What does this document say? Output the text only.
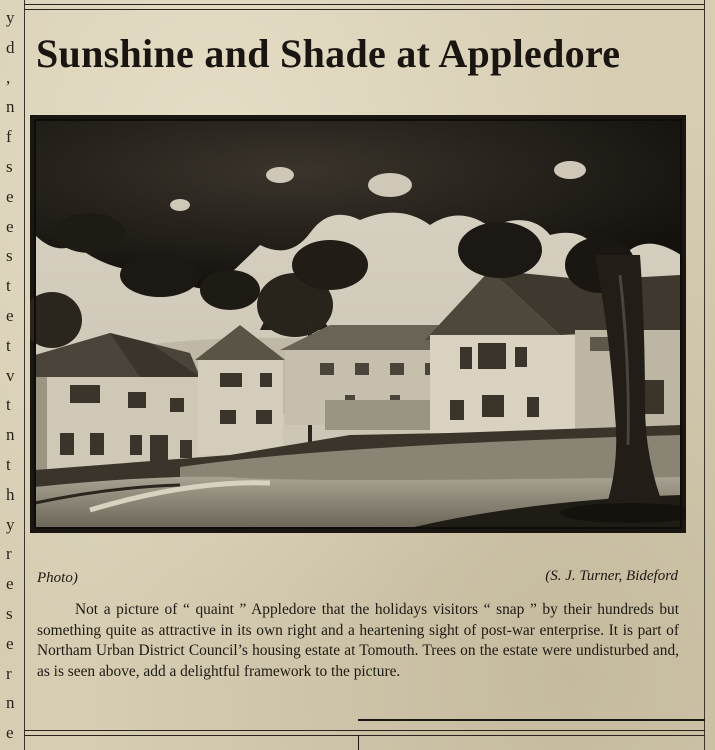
y
d
,
n
f
s
e
e
s
t
e
t
v
t
n
t
h
y
r
e
s
e
r
n
e
Sunshine and Shade at Appledore
Photo)	(S. J. Turner, Bideford

Not a picture of “ quaint ” Appledore that the holidays visitors “ snap ” by their hundreds but something quite as attractive in its own right and a heartening sight of post-war enterprise. It is part of Northam Urban District Council’s housing estate at Tomouth. Trees on the estate were undisturbed and, as is seen above, add a delightful framework to the picture.
